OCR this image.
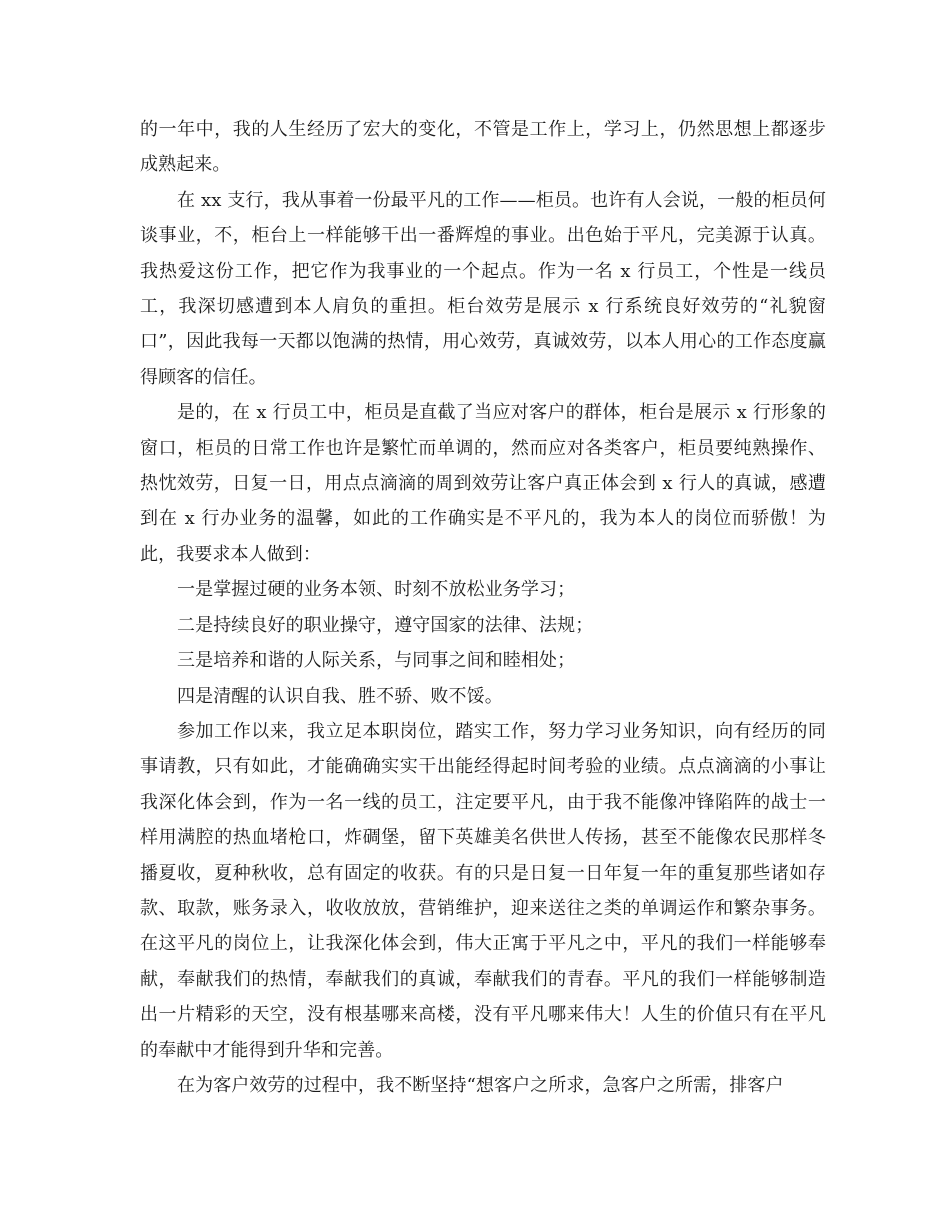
的一年中，我的人生经历了宏大的变化，不管是工作上，学习上，仍然思想上都逐步成熟起来。

在 xx 支行，我从事着一份最平凡的工作——柜员。也许有人会说，一般的柜员何谈事业，不，柜台上一样能够干出一番辉煌的事业。出色始于平凡，完美源于认真。我热爱这份工作，把它作为我事业的一个起点。作为一名 x 行员工，个性是一线员工，我深切感遭到本人肩负的重担。柜台效劳是展示 x 行系统良好效劳的“礼貌窗口”，因此我每一天都以饱满的热情，用心效劳，真诚效劳，以本人用心的工作态度赢得顾客的信任。

是的，在 x 行员工中，柜员是直截了当应对客户的群体，柜台是展示 x 行形象的窗口，柜员的日常工作也许是繁忙而单调的，然而应对各类客户，柜员要纯熟操作、热忱效劳，日复一日，用点点滴滴的周到效劳让客户真正体会到 x 行人的真诚，感遭到在 x 行办业务的温馨，如此的工作确实是不平凡的，我为本人的岗位而骄傲！为此，我要求本人做到：

一是掌握过硬的业务本领、时刻不放松业务学习；

二是持续良好的职业操守，遵守国家的法律、法规；

三是培养和谐的人际关系，与同事之间和睦相处；

四是清醒的认识自我、胜不骄、败不馁。

参加工作以来，我立足本职岗位，踏实工作，努力学习业务知识，向有经历的同事请教，只有如此，才能确确实实干出能经得起时间考验的业绩。点点滴滴的小事让我深化体会到，作为一名一线的员工，注定要平凡，由于我不能像冲锋陷阵的战士一样用满腔的热血堵枪口，炸碉堡，留下英雄美名供世人传扬，甚至不能像农民那样冬播夏收，夏种秋收，总有固定的收获。有的只是日复一日年复一年的重复那些诸如存款、取款，账务录入，收收放放，营销维护，迎来送往之类的单调运作和繁杂事务。在这平凡的岗位上，让我深化体会到，伟大正寓于平凡之中，平凡的我们一样能够奉献，奉献我们的热情，奉献我们的真诚，奉献我们的青春。平凡的我们一样能够制造出一片精彩的天空，没有根基哪来高楼，没有平凡哪来伟大！人生的价值只有在平凡的奉献中才能得到升华和完善。

在为客户效劳的过程中，我不断坚持“想客户之所求，急客户之所需，排客户
